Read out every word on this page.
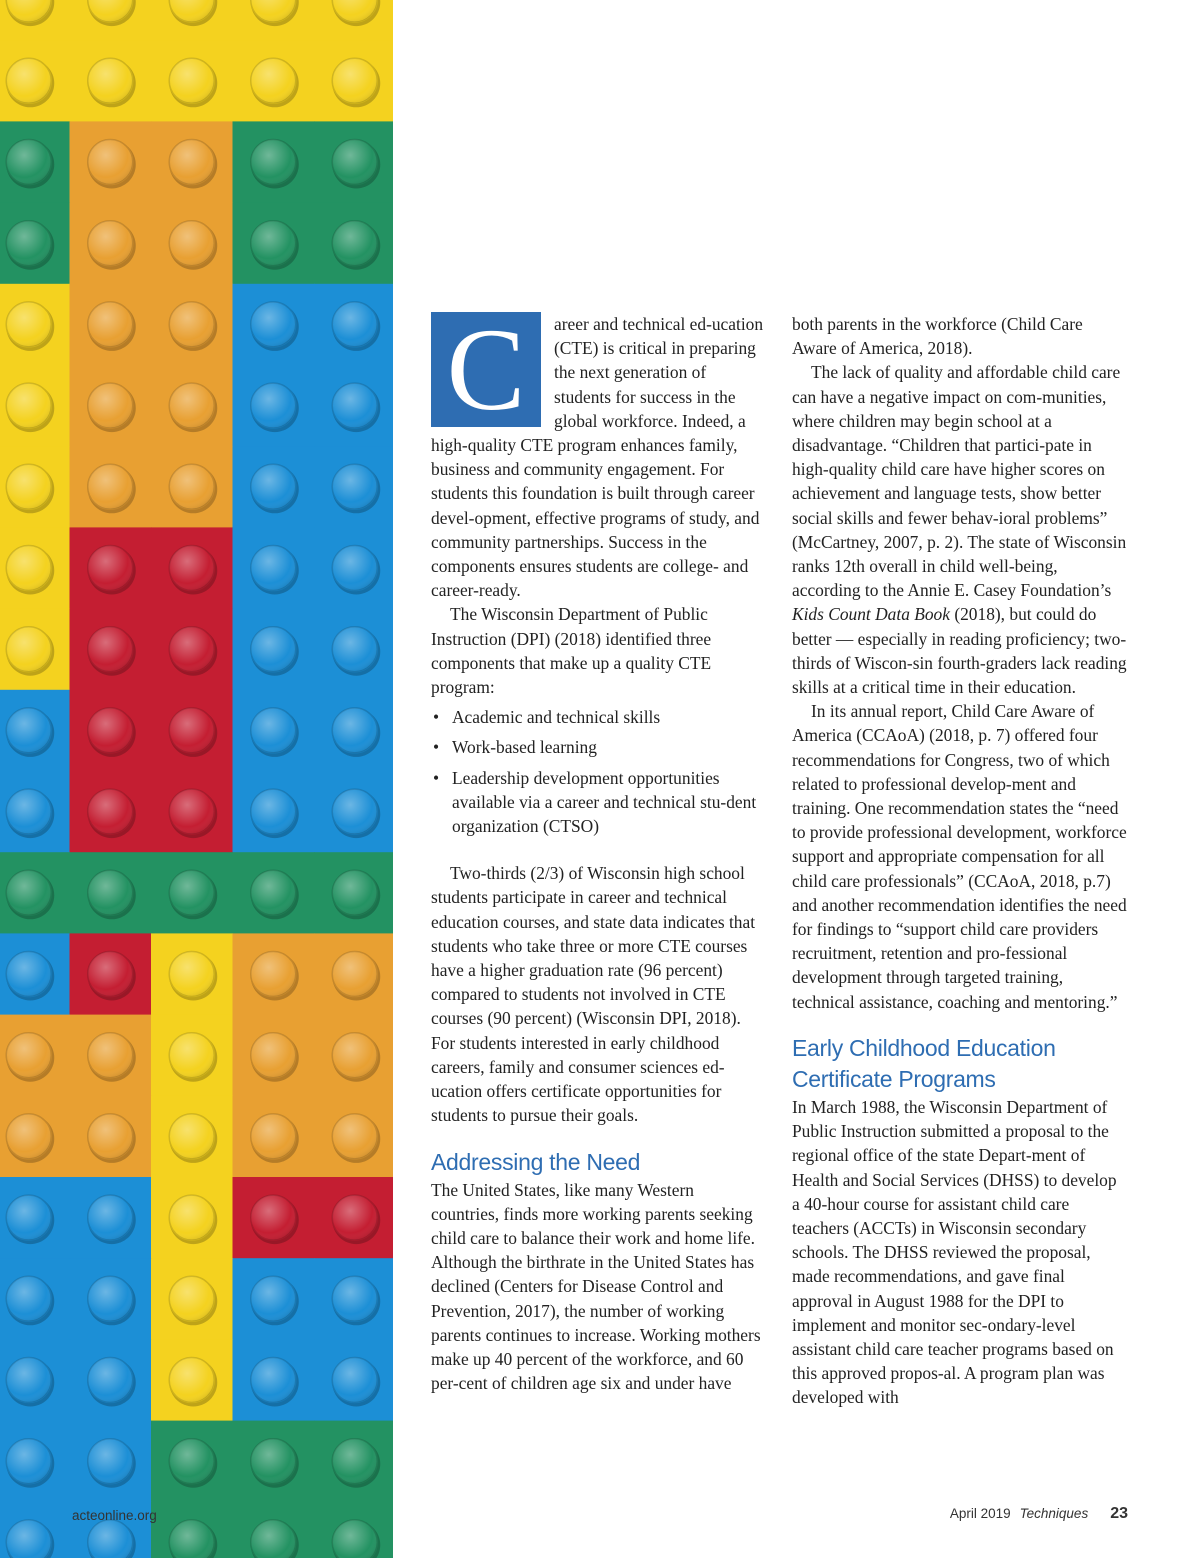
C	areer and technical ed-ucation (CTE) is critical in preparing the next generation of students for success in the global workforce. Indeed, a high-quality CTE program enhances family, business and community engagement. For students this foundation is built through career devel-opment, effective programs of study, and community partnerships. Success in the components ensures students are college- and career-ready.

The Wisconsin Department of Public Instruction (DPI) (2018) identified three components that make up a quality CTE program:

• Academic and technical skills
• Work-based learning
• Leadership development opportunities available via a career and technical stu-dent organization (CTSO)

Two-thirds (2/3) of Wisconsin high school students participate in career and technical education courses, and state data indicates that students who take three or more CTE courses have a higher graduation rate (96 percent) compared to students not involved in CTE courses (90 percent) (Wisconsin DPI, 2018). For students interested in early childhood careers, family and consumer sciences ed-ucation offers certificate opportunities for students to pursue their goals.

Addressing the Need

The United States, like many Western countries, finds more working parents seeking child care to balance their work and home life. Although the birthrate in the United States has declined (Centers for Disease Control and Prevention, 2017), the number of working parents continues to increase. Working mothers make up 40 percent of the workforce, and 60 per-cent of children age six and under have

both parents in the workforce (Child Care Aware of America, 2018).

The lack of quality and affordable child care can have a negative impact on com-munities, where children may begin school at a disadvantage. “Children that partici-pate in high-quality child care have higher scores on achievement and language tests, show better social skills and fewer behav-ioral problems” (McCartney, 2007, p. 2). The state of Wisconsin ranks 12th overall in child well-being, according to the Annie E. Casey Foundation’s Kids Count Data Book (2018), but could do better — especially in reading proficiency; two-thirds of Wiscon-sin fourth-graders lack reading skills at a critical time in their education.

In its annual report, Child Care Aware of America (CCAoA) (2018, p. 7) offered four recommendations for Congress, two of which related to professional develop-ment and training. One recommendation states the “need to provide professional development, workforce support and appropriate compensation for all child care professionals” (CCAoA, 2018, p.7) and another recommendation identifies the need for findings to “support child care providers recruitment, retention and pro-fessional development through targeted training, technical assistance, coaching and mentoring.”

Early Childhood Education Certificate Programs

In March 1988, the Wisconsin Department of Public Instruction submitted a proposal to the regional office of the state Depart-ment of Health and Social Services (DHSS) to develop a 40-hour course for assistant child care teachers (ACCTs) in Wisconsin secondary schools. The DHSS reviewed the proposal, made recommendations, and gave final approval in August 1988 for the DPI to implement and monitor sec-ondary-level assistant child care teacher programs based on this approved propos-al. A program plan was developed with

acteonline.org	April 2019 Techniques 23
